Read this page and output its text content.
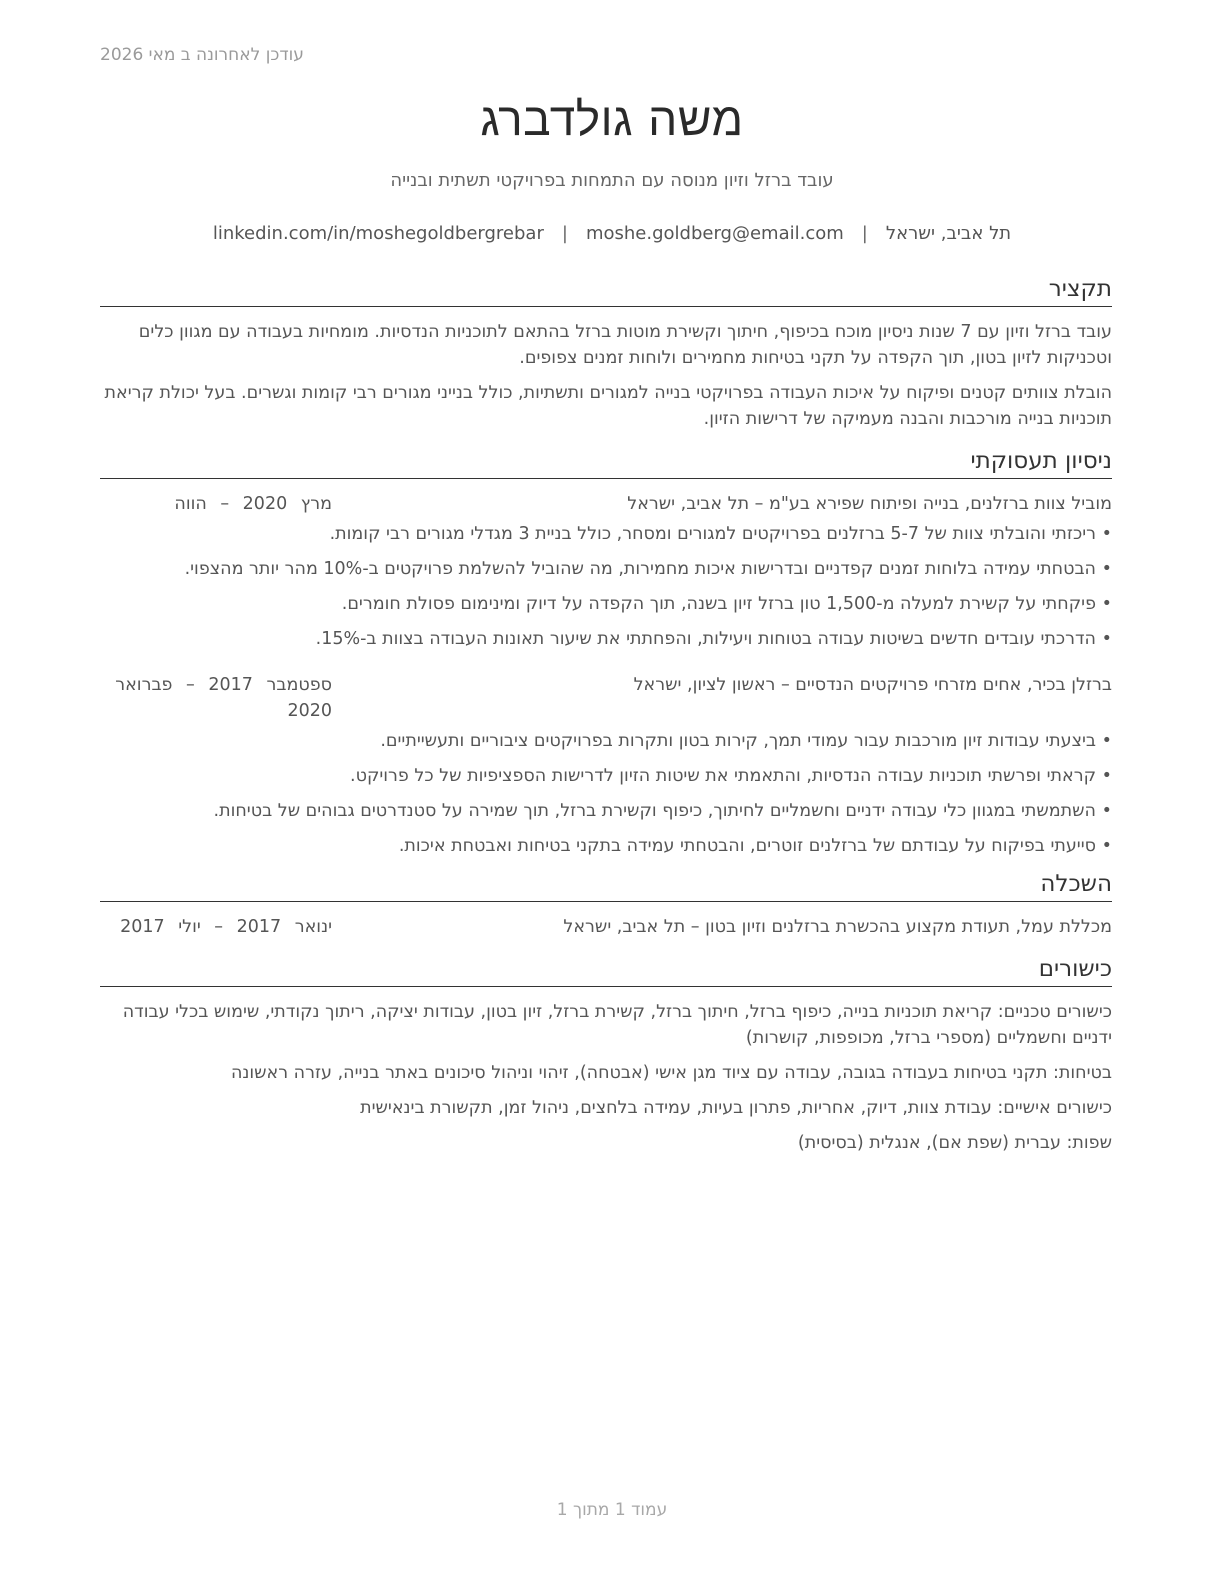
עודכן לאחרונה ב מאי 2026
משה גולדברג
עובד ברזל וזיון מנוסה עם התמחות בפרויקטי תשתית ובנייה
תל אביב, ישראל|moshe.goldberg@email.com|linkedin.com/in/moshegoldbergrebar
תקציר

עובד ברזל וזיון עם 7 שנות ניסיון מוכח בכיפוף, חיתוך וקשירת מוטות ברזל בהתאם לתוכניות הנדסיות. מומחיות בעבודה עם מגוון כלים וטכניקות לזיון בטון, תוך הקפדה על תקני בטיחות מחמירים ולוחות זמנים צפופים.

הובלת צוותים קטנים ופיקוח על איכות העבודה בפרויקטי בנייה למגורים ותשתיות, כולל בנייני מגורים רבי קומות וגשרים. בעל יכולת קריאת תוכניות בנייה מורכבות והבנה מעמיקה של דרישות הזיון.

ניסיון תעסוקתי
מוביל צוות ברזלנים, בנייה ופיתוח שפירא בע"מ – תל אביב, ישראל
מרץ 2020 – הווה
•
ריכזתי והובלתי צוות של 5-7 ברזלנים בפרויקטים למגורים ומסחר, כולל בניית 3 מגדלי מגורים רבי קומות.
•
הבטחתי עמידה בלוחות זמנים קפדניים ובדרישות איכות מחמירות, מה שהוביל להשלמת פרויקטים ב-10% מהר יותר מהצפוי.
•
פיקחתי על קשירת למעלה מ-1,500 טון ברזל זיון בשנה, תוך הקפדה על דיוק ומינימום פסולת חומרים.
•
הדרכתי עובדים חדשים בשיטות עבודה בטוחות ויעילות, והפחתתי את שיעור תאונות העבודה בצוות ב-15%.
ברזלן בכיר, אחים מזרחי פרויקטים הנדסיים – ראשון לציון, ישראל
ספטמבר 2017 – פברואר 2020
•
ביצעתי עבודות זיון מורכבות עבור עמודי תמך, קירות בטון ותקרות בפרויקטים ציבוריים ותעשייתיים.
•
קראתי ופרשתי תוכניות עבודה הנדסיות, והתאמתי את שיטות הזיון לדרישות הספציפיות של כל פרויקט.
•
השתמשתי במגוון כלי עבודה ידניים וחשמליים לחיתוך, כיפוף וקשירת ברזל, תוך שמירה על סטנדרטים גבוהים של בטיחות.
•
סייעתי בפיקוח על עבודתם של ברזלנים זוטרים, והבטחתי עמידה בתקני בטיחות ואבטחת איכות.
השכלה
מכללת עמל, תעודת מקצוע בהכשרת ברזלנים וזיון בטון – תל אביב, ישראל
ינואר 2017 – יולי 2017
כישורים

כישורים טכניים: קריאת תוכניות בנייה, כיפוף ברזל, חיתוך ברזל, קשירת ברזל, זיון בטון, עבודות יציקה, ריתוך נקודתי, שימוש בכלי עבודה ידניים וחשמליים (מספרי ברזל, מכופפות, קושרות)

בטיחות: תקני בטיחות בעבודה בגובה, עבודה עם ציוד מגן אישי (אבטחה), זיהוי וניהול סיכונים באתר בנייה, עזרה ראשונה

כישורים אישיים: עבודת צוות, דיוק, אחריות, פתרון בעיות, עמידה בלחצים, ניהול זמן, תקשורת בינאישית

שפות: עברית (שפת אם), אנגלית (בסיסית)

עמוד 1 מתוך 1
